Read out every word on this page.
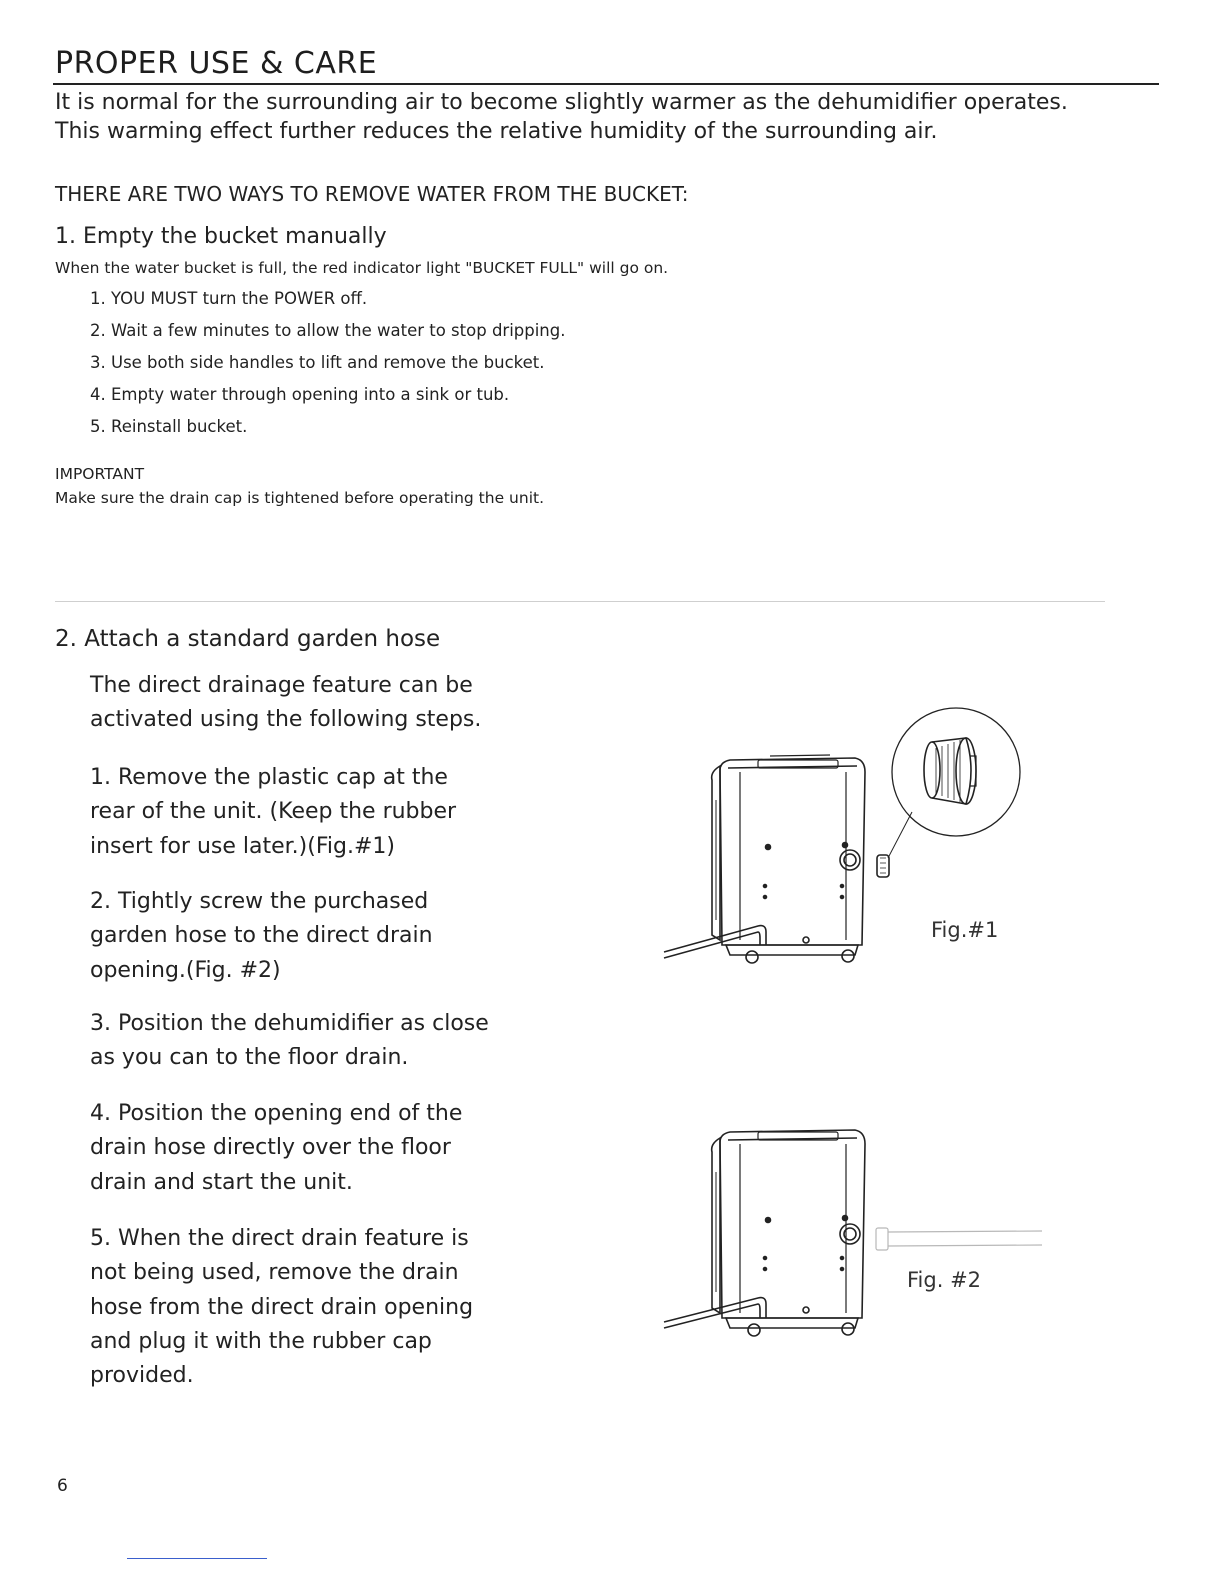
PROPER USE & CARE
It is normal for the surrounding air to become slightly warmer as the dehumidifier operates.
This warming effect further reduces the relative humidity of the surrounding air.
THERE ARE TWO WAYS TO REMOVE WATER FROM THE BUCKET:
1. Empty the bucket manually
When the water bucket is full, the red indicator light "BUCKET FULL" will go on.
1. YOU MUST turn the POWER off.
2. Wait a few minutes to allow the water to stop dripping.
3. Use both side handles to lift and remove the bucket.
4. Empty water through opening into a sink or tub.
5. Reinstall bucket.
IMPORTANT
Make sure the drain cap is tightened before operating the unit.
2. Attach a standard garden hose
The direct drainage feature can be
activated using the following steps.
1. Remove the plastic cap at the
rear of the unit. (Keep the rubber
insert for use later.)(Fig.#1)
2. Tightly screw the purchased
garden hose to the direct drain
opening.(Fig. #2)
3. Position the dehumidifier as close
as you can to the floor drain.
4. Position the opening end of the
drain hose directly over the floor
drain and start the unit.
5. When the direct drain feature is
not being used, remove the drain
hose from the direct drain opening
and plug it with the rubber cap
provided.
Fig.#1
Fig. #2
6
